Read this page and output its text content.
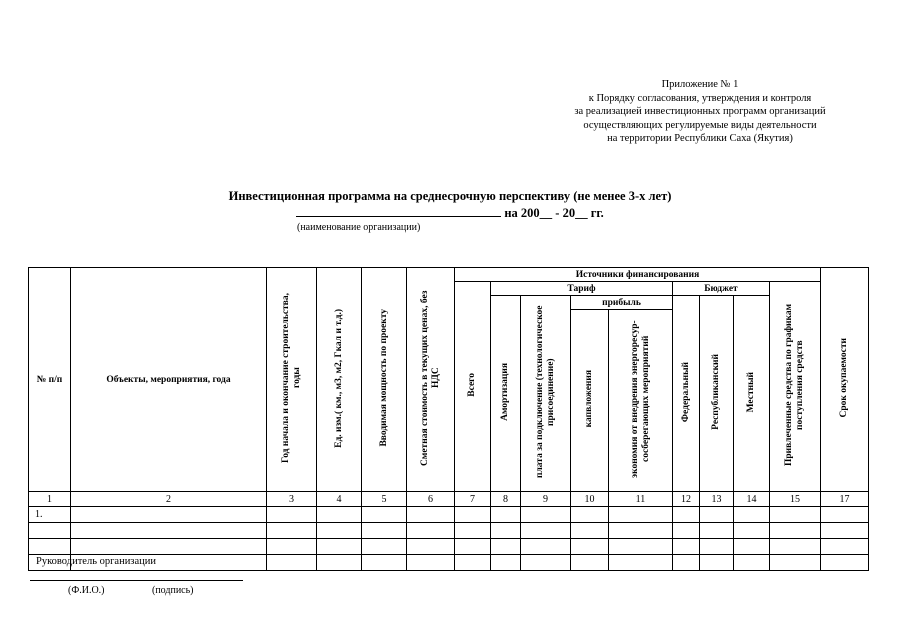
Приложение № 1
к Порядку согласования, утверждения и контроля
за реализацией инвестиционных программ организаций
осуществляющих регулируемые виды деятельности
на территории Республики Саха (Якутия)
Инвестиционная программа на среднесрочную перспективу (не менее 3-х лет)
на 200__ - 20__ гг.
(наименование организации)
№ п/п	Объекты, мероприятия, года	Год начала и окончание строительства, годы	Ед. изм.( км., м3, м2, Гкал и т.д.)	Вводимая мощность по проекту	Сметная стоимость в текущих ценах, без НДС	Источники финансирования									Срок окупаемости
						Всего	Тариф				Бюджет			Привлеченные средства по графикам поступления средств	
							Амортизация	плата за подключение (технологическое присоединение)	прибыль		Федеральный	Республиканский	Местный		
									капвложения	экономия от внедрения энергоресур-сосберегающих мероприятий					
1	2	3	4	5	6	7	8	9	10	11	12	13	14	15	17
1.															

Руководитель организации
(Ф.И.О.)	(подпись)
